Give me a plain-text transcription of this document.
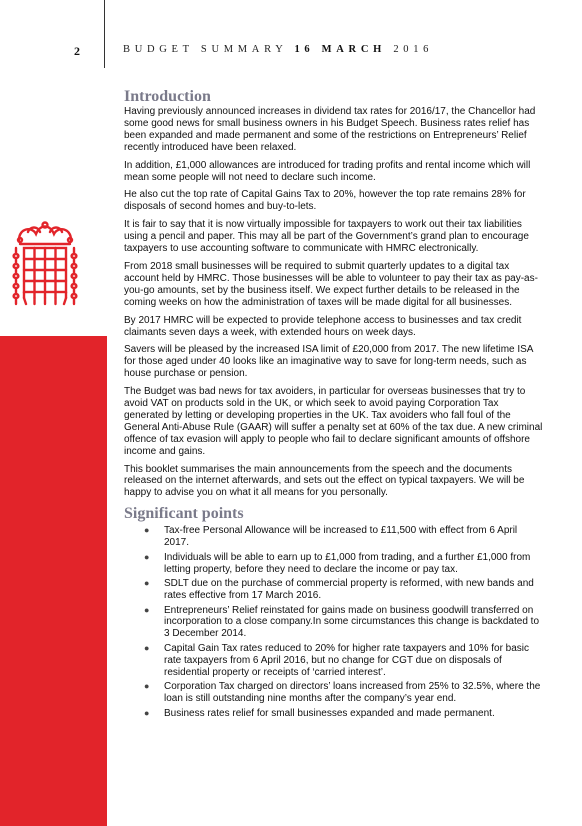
2	BUDGET SUMMARY 16 MARCH 2016
Introduction

Having previously announced increases in dividend tax rates for 2016/17, the Chancellor had some good news for small business owners in his Budget Speech. Business rates relief has been expanded and made permanent and some of the restrictions on Entrepreneurs’ Relief recently introduced have been relaxed.

In addition, £1,000 allowances are introduced for trading profits and rental income which will mean some people will not need to declare such income.

He also cut the top rate of Capital Gains Tax to 20%, however the top rate remains 28% for disposals of second homes and buy-to-lets.

It is fair to say that it is now virtually impossible for taxpayers to work out their tax liabilities using a pencil and paper. This may all be part of the Government’s grand plan to encourage taxpayers to use accounting software to communicate with HMRC electronically.

From 2018 small businesses will be required to submit quarterly updates to a digital tax account held by HMRC. Those businesses will be able to volunteer to pay their tax as pay-as-you-go amounts, set by the business itself. We expect further details to be released in the coming weeks on how the administration of taxes will be made digital for all businesses.

By 2017 HMRC will be expected to provide telephone access to businesses and tax credit claimants seven days a week, with extended hours on week days.

Savers will be pleased by the increased ISA limit of £20,000 from 2017. The new lifetime ISA for those aged under 40 looks like an imaginative way to save for long-term needs, such as house purchase or pension.

The Budget was bad news for tax avoiders, in particular for overseas businesses that try to avoid VAT on products sold in the UK, or which seek to avoid paying Corporation Tax generated by letting or developing properties in the UK. Tax avoiders who fall foul of the General Anti-Abuse Rule (GAAR) will suffer a penalty set at 60% of the tax due. A new criminal offence of tax evasion will apply to people who fail to declare significant amounts of offshore income and gains.

This booklet summarises the main announcements from the speech and the documents released on the internet afterwards, and sets out the effect on typical taxpayers. We will be happy to advise you on what it all means for you personally.

Significant points
● Tax-free Personal Allowance will be increased to £11,500 with effect from 6 April 2017.
● Individuals will be able to earn up to £1,000 from trading, and a further £1,000 from letting property, before they need to declare the income or pay tax.
● SDLT due on the purchase of commercial property is reformed, with new bands and rates effective from 17 March 2016.
● Entrepreneurs’ Relief reinstated for gains made on business goodwill transferred on incorporation to a close company.In some circumstances this change is backdated to 3 December 2014.
● Capital Gain Tax rates reduced to 20% for higher rate taxpayers and 10% for basic rate taxpayers from 6 April 2016, but no change for CGT due on disposals of residential property or receipts of ‘carried interest’.
● Corporation Tax charged on directors’ loans increased from 25% to 32.5%, where the loan is still outstanding nine months after the company’s year end.
● Business rates relief for small businesses expanded and made permanent.
